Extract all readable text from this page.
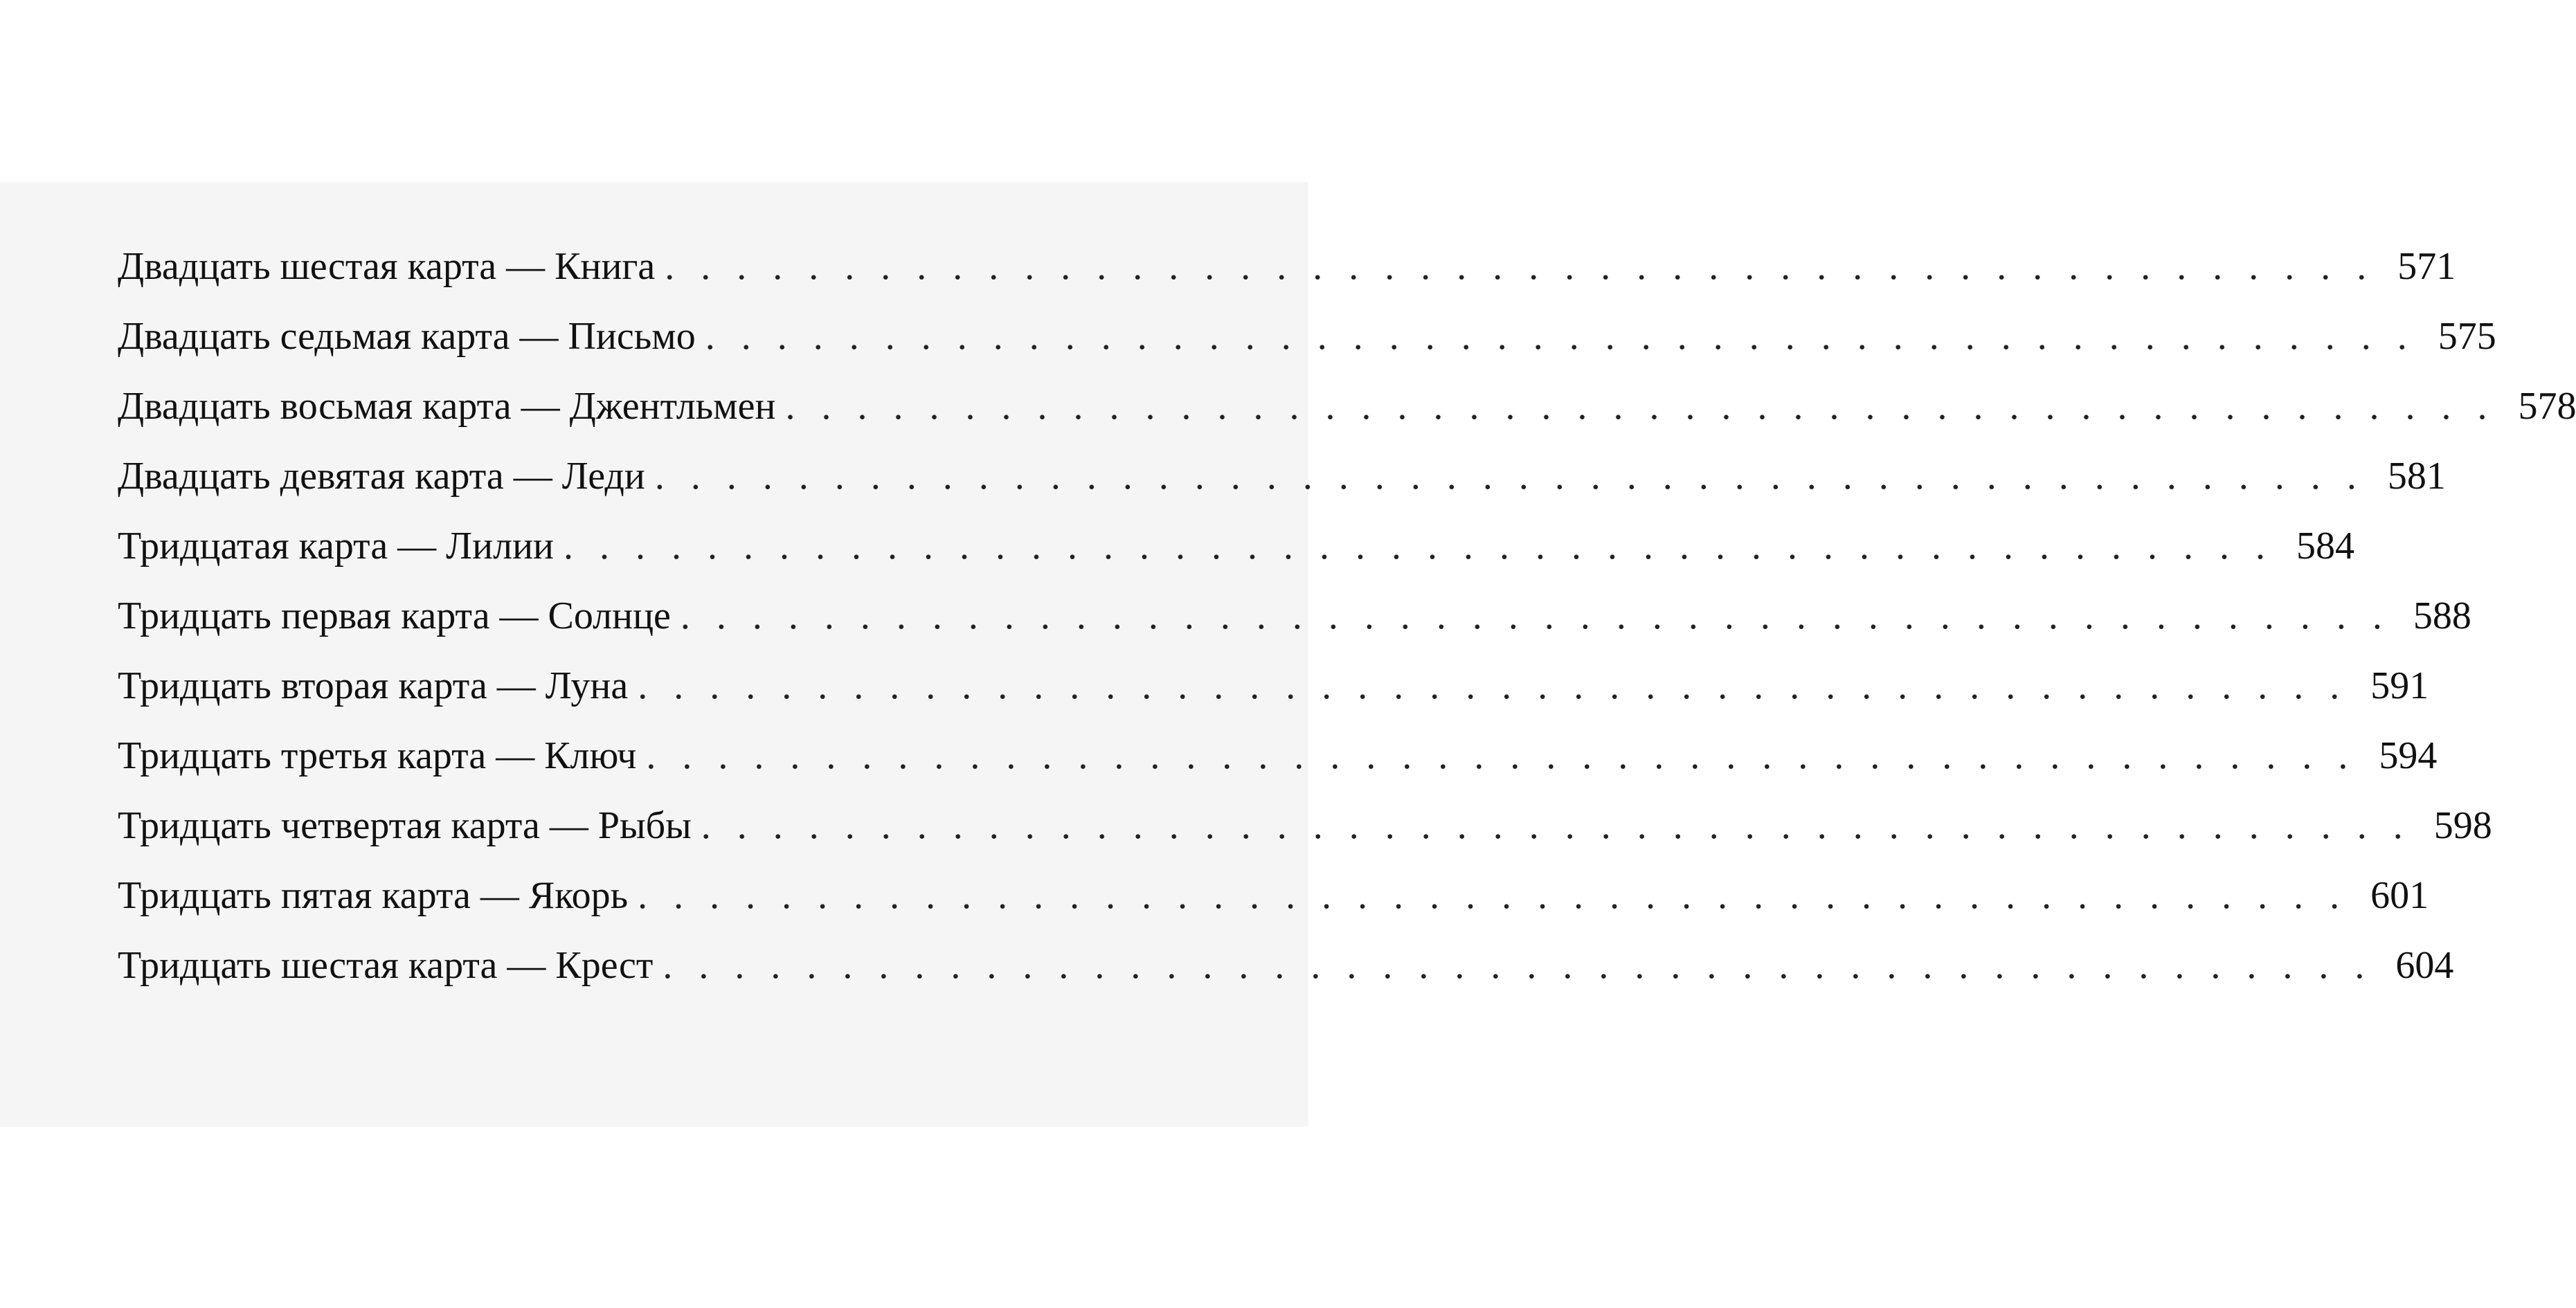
Двадцать шестая карта — Книга . . . . . . . . . . . . . . . . . . . . . . . . . . . . . . . . . . . . . . . . . . . . . . . . 571
Двадцать седьмая карта — Письмо . . . . . . . . . . . . . . . . . . . . . . . . . . . . . . . . . . . . . . . . . . . . . . . . 575
Двадцать восьмая карта — Джентльмен . . . . . . . . . . . . . . . . . . . . . . . . . . . . . . . . . . . . . . . . . . . . . . . . 578
Двадцать девятая карта — Леди . . . . . . . . . . . . . . . . . . . . . . . . . . . . . . . . . . . . . . . . . . . . . . . . 581
Тридцатая карта — Лилии . . . . . . . . . . . . . . . . . . . . . . . . . . . . . . . . . . . . . . . . . . . . . . . . 584
Тридцать первая карта — Солнце . . . . . . . . . . . . . . . . . . . . . . . . . . . . . . . . . . . . . . . . . . . . . . . . 588
Тридцать вторая карта — Луна . . . . . . . . . . . . . . . . . . . . . . . . . . . . . . . . . . . . . . . . . . . . . . . . 591
Тридцать третья карта — Ключ . . . . . . . . . . . . . . . . . . . . . . . . . . . . . . . . . . . . . . . . . . . . . . . . 594
Тридцать четвертая карта — Рыбы . . . . . . . . . . . . . . . . . . . . . . . . . . . . . . . . . . . . . . . . . . . . . . . . 598
Тридцать пятая карта — Якорь . . . . . . . . . . . . . . . . . . . . . . . . . . . . . . . . . . . . . . . . . . . . . . . . 601
Тридцать шестая карта — Крест . . . . . . . . . . . . . . . . . . . . . . . . . . . . . . . . . . . . . . . . . . . . . . . . 604
